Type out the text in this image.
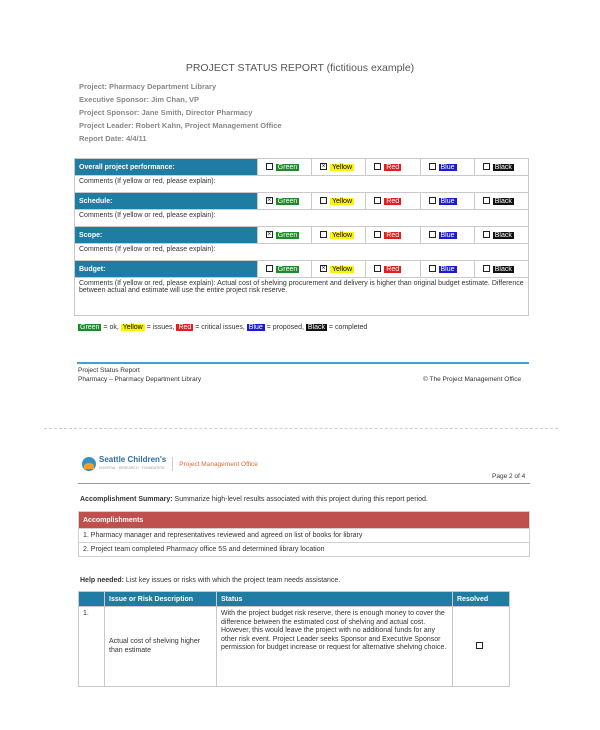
PROJECT STATUS REPORT (fictitious example)
Project: Pharmacy Department Library
Executive Sponsor: Jim Chan, VP
Project Sponsor: Jane Smith, Director Pharmacy
Project Leader: Robert Kahn, Project Management Office
Report Date: 4/4/11
Overall project performance:	Green	× Yellow	Red	Blue	Black
Comments (If yellow or red, please explain):					
Schedule:	× Green	Yellow	Red	Blue	Black
Comments (If yellow or red, please explain):					
Scope:	× Green	Yellow	Red	Blue	Black
Comments (If yellow or red, please explain):					
Budget:	Green	× Yellow	Red	Blue	Black
Comments (If yellow or red, please explain): Actual cost of shelving procurement and delivery is higher than original budget estimate. Difference between actual and estimate will use the entire project risk reserve.					
Green = ok, Yellow = issues, Red = critical issues, Blue = proposed, Black = completed
Project Status Report
Pharmacy – Pharmacy Department Library	© The Project Management Office
Seattle Children's
HOSPITAL · RESEARCH · FOUNDATION
Project Management Office
Page 2 of 4
Accomplishment Summary: Summarize high-level results associated with this project during this report period.
Accomplishments
1. Pharmacy manager and representatives reviewed and agreed on list of books for library
2. Project team completed Pharmacy office 5S and determined library location
Help needed: List key issues or risks with which the project team needs assistance.
	Issue or Risk Description	Status	Resolved
1.	Actual cost of shelving higher than estimate	With the project budget risk reserve, there is enough money to cover the difference between the estimated cost of shelving and actual cost. However, this would leave the project with no additional funds for any other risk event. Project Leader seeks Sponsor and Executive Sponsor permission for budget increase or request for alternative shelving choice.	
